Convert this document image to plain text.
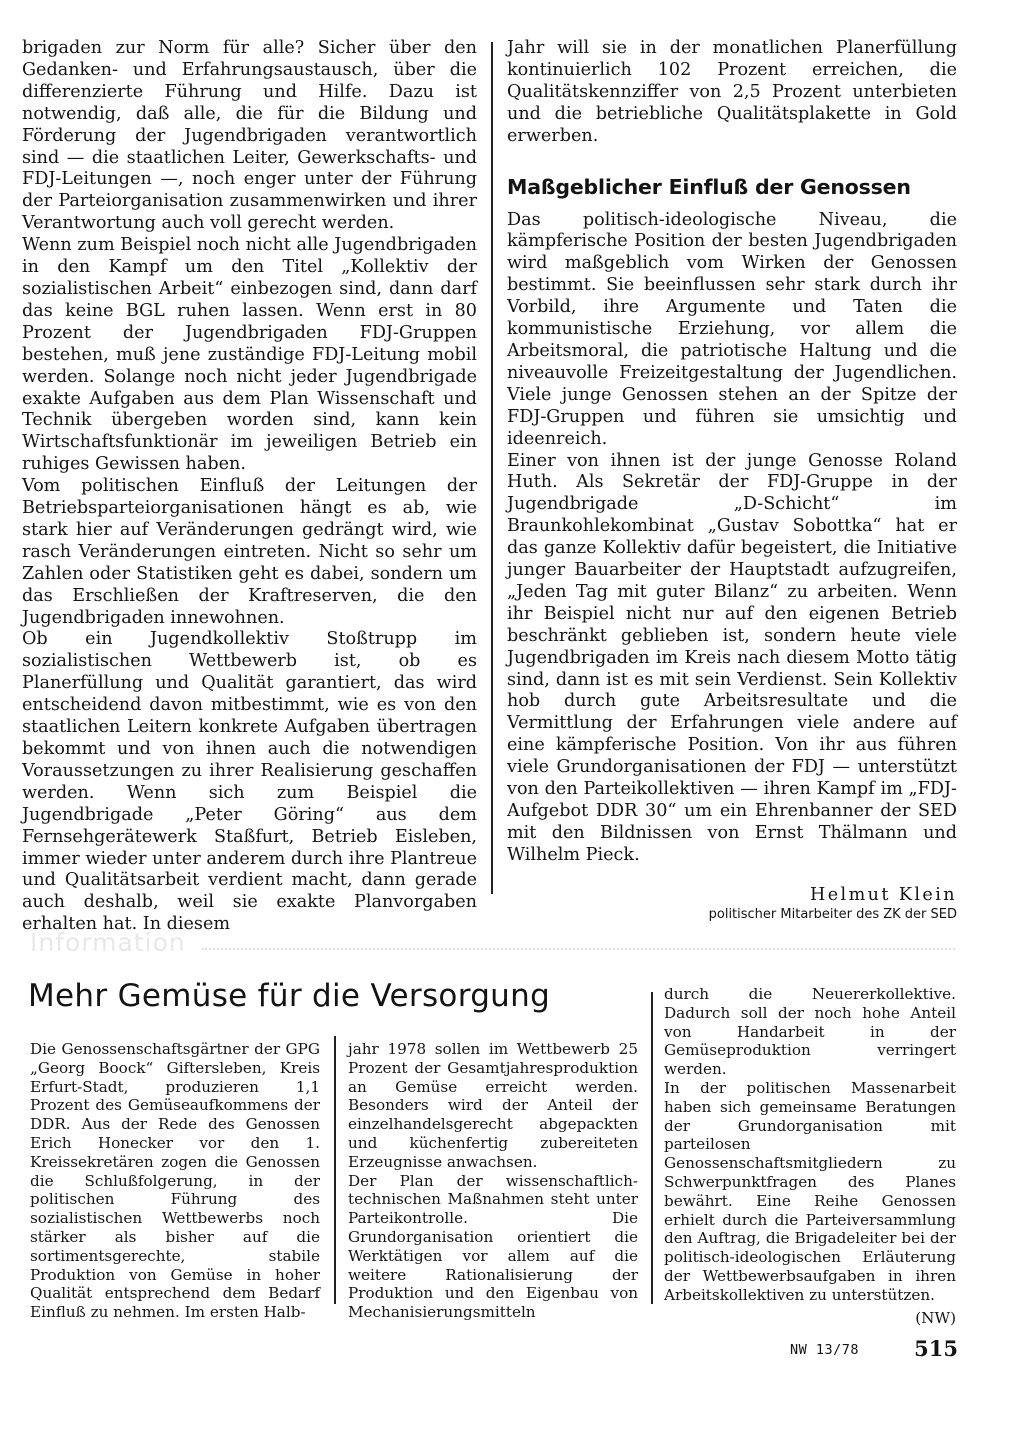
brigaden zur Norm für alle? Sicher über den Gedanken- und Erfahrungsaustausch, über die differenzierte Führung und Hilfe. Dazu ist notwendig, daß alle, die für die Bildung und Förderung der Jugendbrigaden verantwortlich sind — die staatlichen Leiter, Gewerkschafts- und FDJ-Leitungen —, noch enger unter der Führung der Parteiorganisation zusammenwirken und ihrer Verantwortung auch voll gerecht werden.

Wenn zum Beispiel noch nicht alle Jugendbrigaden in den Kampf um den Titel „Kollektiv der sozialistischen Arbeit“ einbezogen sind, dann darf das keine BGL ruhen lassen. Wenn erst in 80 Prozent der Jugendbrigaden FDJ-Gruppen bestehen, muß jene zuständige FDJ-Leitung mobil werden. Solange noch nicht jeder Jugendbrigade exakte Aufgaben aus dem Plan Wissenschaft und Technik übergeben worden sind, kann kein Wirtschaftsfunktionär im jeweiligen Betrieb ein ruhiges Gewissen haben.

Vom politischen Einfluß der Leitungen der Betriebsparteiorganisationen hängt es ab, wie stark hier auf Veränderungen gedrängt wird, wie rasch Veränderungen eintreten. Nicht so sehr um Zahlen oder Statistiken geht es dabei, sondern um das Erschließen der Kraftreserven, die den Jugendbrigaden innewohnen.

Ob ein Jugendkollektiv Stoßtrupp im sozialistischen Wettbewerb ist, ob es Planerfüllung und Qualität garantiert, das wird entscheidend davon mitbestimmt, wie es von den staatlichen Leitern konkrete Aufgaben übertragen bekommt und von ihnen auch die notwendigen Voraussetzungen zu ihrer Realisierung geschaffen werden. Wenn sich zum Beispiel die Jugendbrigade „Peter Göring“ aus dem Fernsehgerätewerk Staßfurt, Betrieb Eisleben, immer wieder unter anderem durch ihre Plantreue und Qualitätsarbeit verdient macht, dann gerade auch deshalb, weil sie exakte Planvorgaben erhalten hat. In diesem

Jahr will sie in der monatlichen Planerfüllung kontinuierlich 102 Prozent erreichen, die Qualitätskennziffer von 2,5 Prozent unterbieten und die betriebliche Qualitätsplakette in Gold erwerben.

Maßgeblicher Einfluß der Genossen

Das politisch-ideologische Niveau, die kämpferische Position der besten Jugendbrigaden wird maßgeblich vom Wirken der Genossen bestimmt. Sie beeinflussen sehr stark durch ihr Vorbild, ihre Argumente und Taten die kommunistische Erziehung, vor allem die Arbeitsmoral, die patriotische Haltung und die niveauvolle Freizeitgestaltung der Jugendlichen. Viele junge Genossen stehen an der Spitze der FDJ-Gruppen und führen sie umsichtig und ideenreich.

Einer von ihnen ist der junge Genosse Roland Huth. Als Sekretär der FDJ-Gruppe in der Jugendbrigade „D-Schicht“ im Braunkohlekombinat „Gustav Sobottka“ hat er das ganze Kollektiv dafür begeistert, die Initiative junger Bauarbeiter der Hauptstadt aufzugreifen, „Jeden Tag mit guter Bilanz“ zu arbeiten. Wenn ihr Beispiel nicht nur auf den eigenen Betrieb beschränkt geblieben ist, sondern heute viele Jugendbrigaden im Kreis nach diesem Motto tätig sind, dann ist es mit sein Verdienst. Sein Kollektiv hob durch gute Arbeitsresultate und die Vermittlung der Erfahrungen viele andere auf eine kämpferische Position. Von ihr aus führen viele Grundorganisationen der FDJ — unterstützt von den Parteikollektiven — ihren Kampf im „FDJ-Aufgebot DDR 30“ um ein Ehrenbanner der SED mit den Bildnissen von Ernst Thälmann und Wilhelm Pieck.

Helmut Klein
politischer Mitarbeiter des ZK der SED
Information
Mehr Gemüse für die Versorgung

Die Genossenschaftsgärtner der GPG „Georg Boock“ Giftersleben, Kreis Erfurt-Stadt, produzieren 1,1 Prozent des Gemüseaufkommens der DDR. Aus der Rede des Genossen Erich Honecker vor den 1. Kreissekretären zogen die Genossen die Schlußfolgerung, in der politischen Führung des sozialistischen Wettbewerbs noch stärker als bisher auf die sortimentsgerechte, stabile Produktion von Gemüse in hoher Qualität entsprechend dem Bedarf Einfluß zu nehmen. Im ersten Halb-

jahr 1978 sollen im Wettbewerb 25 Prozent der Gesamtjahresproduktion an Gemüse erreicht werden. Besonders wird der Anteil der einzelhandelsgerecht abgepackten und küchenfertig zubereiteten Erzeugnisse anwachsen.

Der Plan der wissenschaftlich-technischen Maßnahmen steht unter Parteikontrolle. Die Grundorganisation orientiert die Werktätigen vor allem auf die weitere Rationalisierung der Produktion und den Eigenbau von Mechanisierungsmitteln

durch die Neuererkollektive. Dadurch soll der noch hohe Anteil von Handarbeit in der Gemüseproduktion verringert werden.

In der politischen Massenarbeit haben sich gemeinsame Beratungen der Grundorganisation mit parteilosen Genossenschaftsmitgliedern zu Schwerpunktfragen des Planes bewährt. Eine Reihe Genossen erhielt durch die Parteiversammlung den Auftrag, die Brigadeleiter bei der politisch-ideologischen Erläuterung der Wettbewerbsaufgaben in ihren Arbeitskollektiven zu unterstützen.

(NW)
NW 13/78	515
